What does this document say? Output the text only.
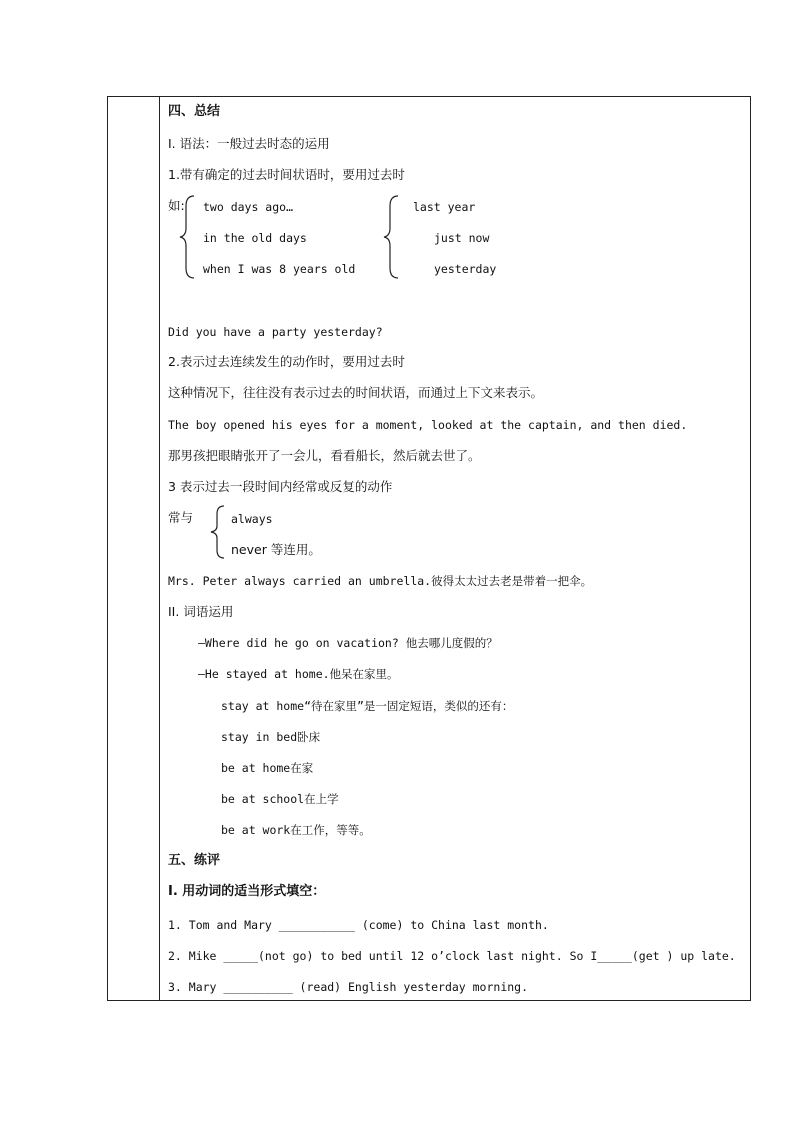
四、总结
I. 语法：一般过去时态的运用
1.带有确定的过去时间状语时，要用过去时
如: two days ago…
in the old days
when I was 8 years old
last year
just now
yesterday
Did you have a party yesterday?
2.表示过去连续发生的动作时，要用过去时
这种情况下，往往没有表示过去的时间状语，而通过上下文来表示。
The boy opened his eyes for a moment, looked at the captain, and then died.
那男孩把眼睛张开了一会儿，看看船长，然后就去世了。
3 表示过去一段时间内经常或反复的动作
常与	always
never 等连用。
Mrs. Peter always carried an umbrella.彼得太太过去老是带着一把伞。
II. 词语运用
—Where did he go on vacation? 他去哪儿度假的？
—He stayed at home.他呆在家里。
stay at home“待在家里”是一固定短语，类似的还有：
stay in bed卧床
be at home在家
be at school在上学
be at work在工作，等等。
五、练评
I. 用动词的适当形式填空：
1. Tom and Mary ___________ (come) to China last month.
2. Mike _____(not go) to bed until 12 o’clock last night. So I_____(get ) up late.
3. Mary __________ (read) English yesterday morning.
